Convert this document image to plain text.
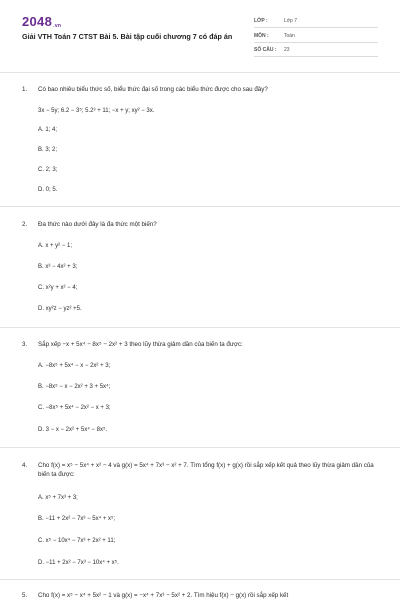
2048.vn
Giải VTH Toán 7 CTST Bài 5. Bài tập cuối chương 7 có đáp án
LỚP :	Lớp 7
MÔN :	Toán
SỐ CÂU : 23
1. Có bao nhiêu biểu thức số, biểu thức đại số trong các biểu thức được cho sau đây?
3x − 5y; 6.2 − 3⁵; 5.2³ + 11; −x + y; xy² − 3x.
A. 1; 4;
B. 3; 2;
C. 2; 3;
D. 0; 5.
2. Đa thức nào dưới đây là đa thức một biến?
A. x + y² − 1;
B. x³ − 4x² + 3;
C. x²y + x² − 4;
D. xy²z − yz² +5.
3. Sắp xếp −x + 5x⁴ − 8x⁵ − 2x² + 3 theo lũy thừa giảm dần của biến ta được:
A. −8x⁵ + 5x⁴ − x − 2x² + 3;
B. −8x⁵ − x − 2x² + 3 + 5x⁴;
C. −8x⁵ + 5x⁴ − 2x² − x + 3;
D. 3 − x − 2x² + 5x⁴ − 8x⁵.
4. Cho f(x) = x⁵ − 5x⁴ + x² − 4 và g(x) = 5x⁴ + 7x³ − x² + 7. Tìm tổng f(x) + g(x) rồi sắp xếp kết quả theo lũy thừa giảm dần của biến ta được:
A. x⁵ + 7x³ + 3;
B. −11 + 2x² − 7x³ − 5x⁴ + x⁵;
C. x⁵ − 10x⁴ − 7x³ + 2x² + 11;
D. −11 + 2x² − 7x³ − 10x⁴ + x⁵.
5. Cho f(x) = x⁵ − x⁴ + 5x² − 1 và g(x) = −x⁴ + 7x³ − 5x² + 2. Tìm hiệu f(x) − g(x) rồi sắp xếp kết
